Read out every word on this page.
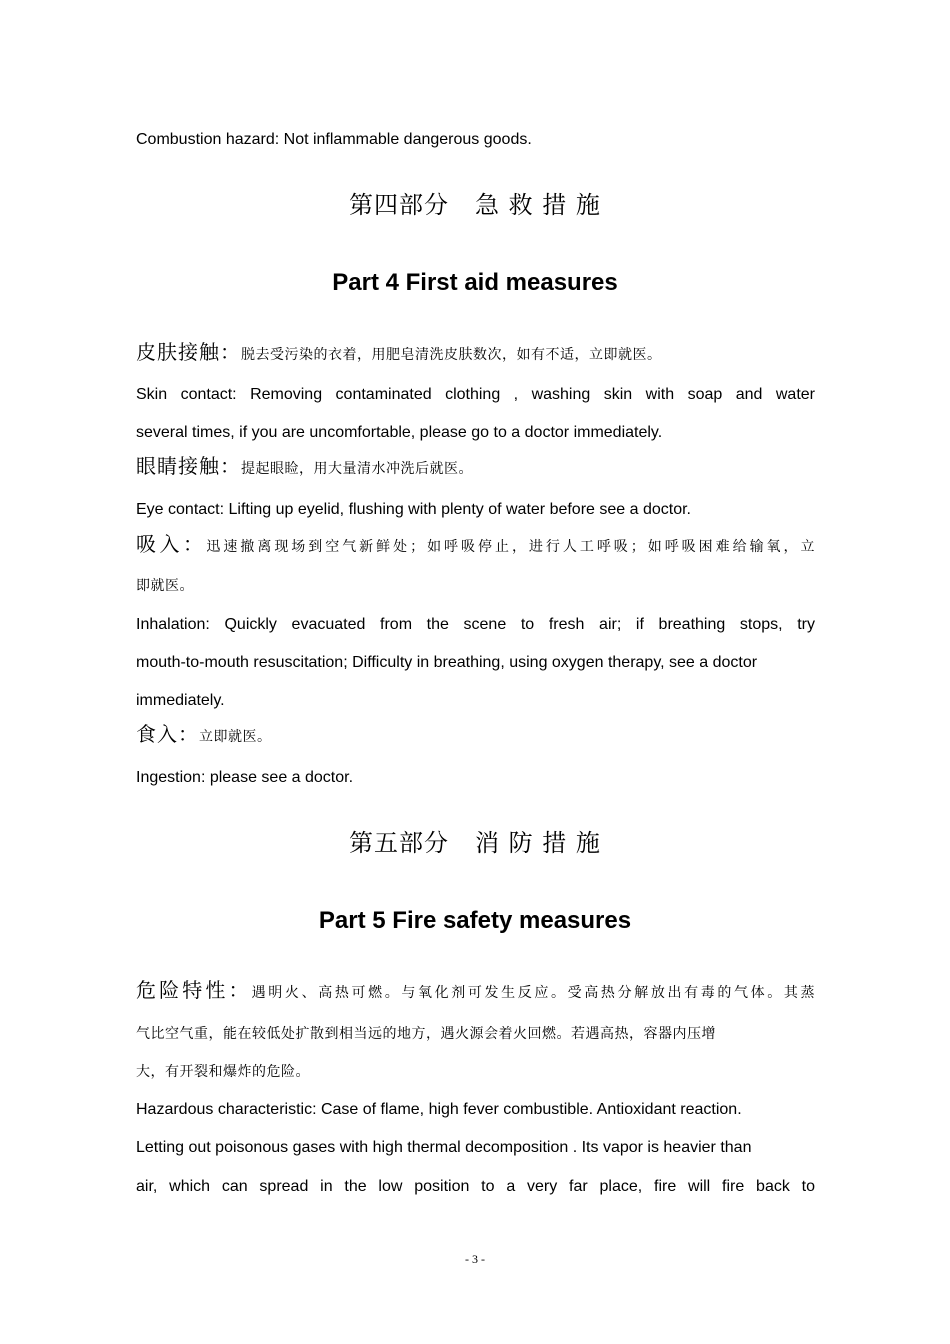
Combustion hazard: Not inflammable dangerous goods.
第四部分 急 救 措 施
Part 4 First aid measures
皮肤接触：脱去受污染的衣着，用肥皂清洗皮肤数次，如有不适，立即就医。
Skin contact: Removing contaminated clothing , washing skin with soap and water
several times, if you are uncomfortable, please go to a doctor immediately.
眼睛接触：提起眼睑，用大量清水冲洗后就医。
Eye contact: Lifting up eyelid, flushing with plenty of water before see a doctor.
吸入：迅速撤离现场到空气新鲜处；如呼吸停止，进行人工呼吸；如呼吸困难给输氧，立
即就医。
Inhalation: Quickly evacuated from the scene to fresh air; if breathing stops, try
mouth-to-mouth resuscitation; Difficulty in breathing, using oxygen therapy, see a doctor
immediately.
食入：立即就医。
Ingestion: please see a doctor.
第五部分 消 防 措 施
Part 5 Fire safety measures
危险特性：遇明火、高热可燃。与氧化剂可发生反应。受高热分解放出有毒的气体。其蒸
气比空气重，能在较低处扩散到相当远的地方，遇火源会着火回燃。若遇高热，容器内压增
大，有开裂和爆炸的危险。
Hazardous characteristic: Case of flame, high fever combustible. Antioxidant reaction.
Letting out poisonous gases with high thermal decomposition . Its vapor is heavier than
air, which can spread in the low position to a very far place, fire will fire back to
- 3 -
